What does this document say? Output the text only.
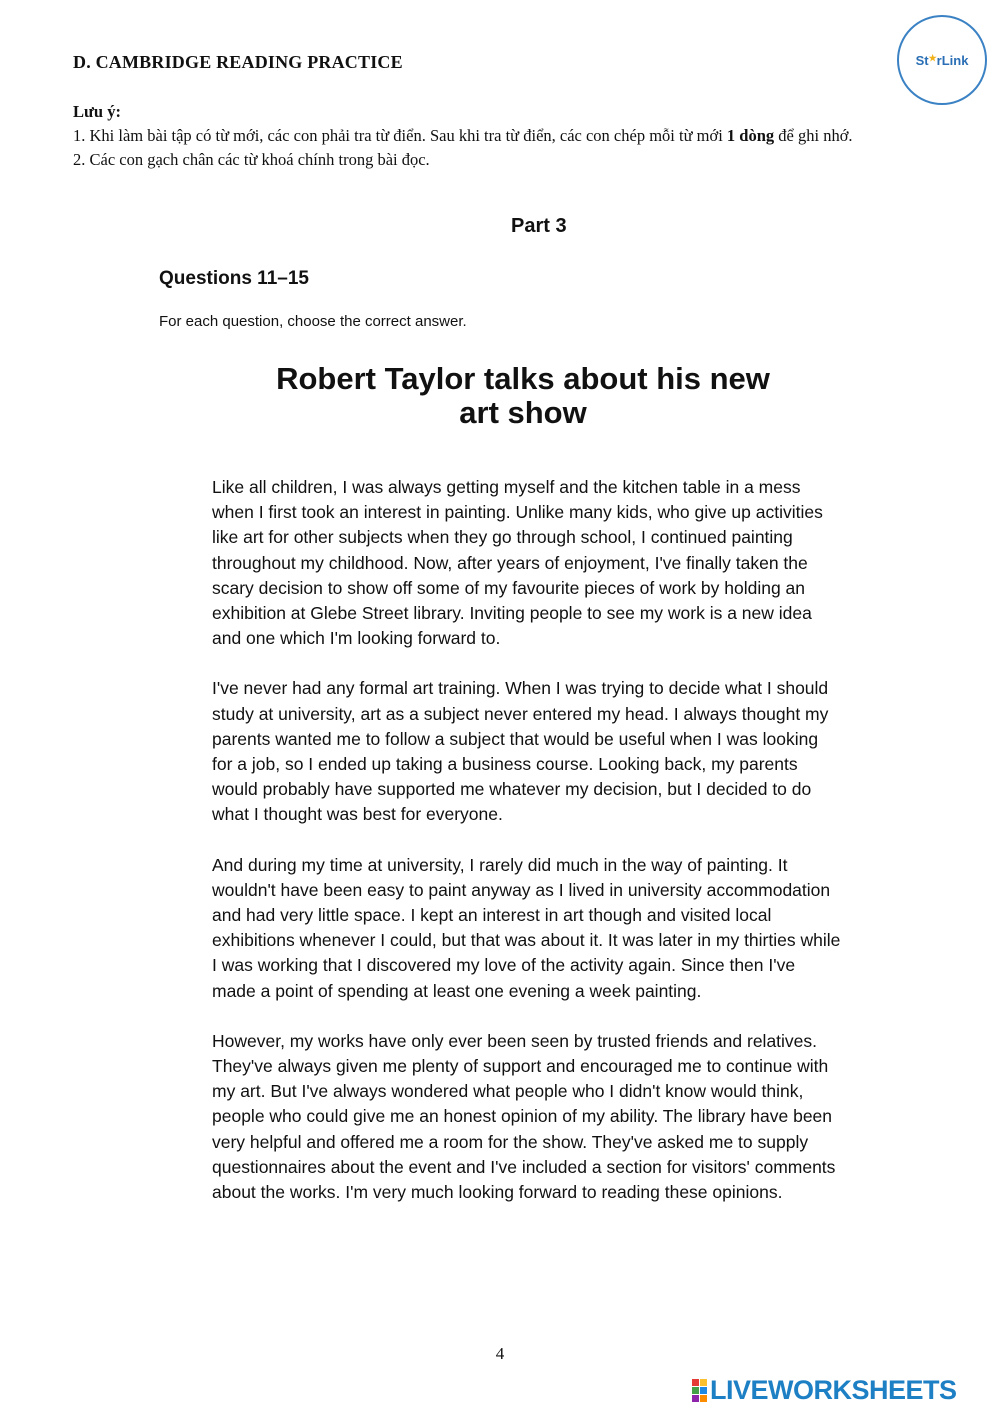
D. CAMBRIDGE READING PRACTICE	St★rLink
Lưu ý:
1. Khi làm bài tập có từ mới, các con phải tra từ điển. Sau khi tra từ điển, các con chép mỗi từ mới 1 dòng để ghi nhớ.
2. Các con gạch chân các từ khoá chính trong bài đọc.
Part 3
Questions 11–15
For each question, choose the correct answer.
Robert Taylor talks about his new
art show

Like all children, I was always getting myself and the kitchen table in a mess when I first took an interest in painting. Unlike many kids, who give up activities like art for other subjects when they go through school, I continued painting throughout my childhood. Now, after years of enjoyment, I've finally taken the scary decision to show off some of my favourite pieces of work by holding an exhibition at Glebe Street library. Inviting people to see my work is a new idea and one which I'm looking forward to.

I've never had any formal art training. When I was trying to decide what I should study at university, art as a subject never entered my head. I always thought my parents wanted me to follow a subject that would be useful when I was looking for a job, so I ended up taking a business course. Looking back, my parents would probably have supported me whatever my decision, but I decided to do what I thought was best for everyone.

And during my time at university, I rarely did much in the way of painting. It wouldn't have been easy to paint anyway as I lived in university accommodation and had very little space. I kept an interest in art though and visited local exhibitions whenever I could, but that was about it. It was later in my thirties while I was working that I discovered my love of the activity again. Since then I've made a point of spending at least one evening a week painting.

However, my works have only ever been seen by trusted friends and relatives. They've always given me plenty of support and encouraged me to continue with my art. But I've always wondered what people who I didn't know would think, people who could give me an honest opinion of my ability. The library have been very helpful and offered me a room for the show. They've asked me to supply questionnaires about the event and I've included a section for visitors' comments about the works. I'm very much looking forward to reading these opinions.

4
LIVEWORKSHEETS
